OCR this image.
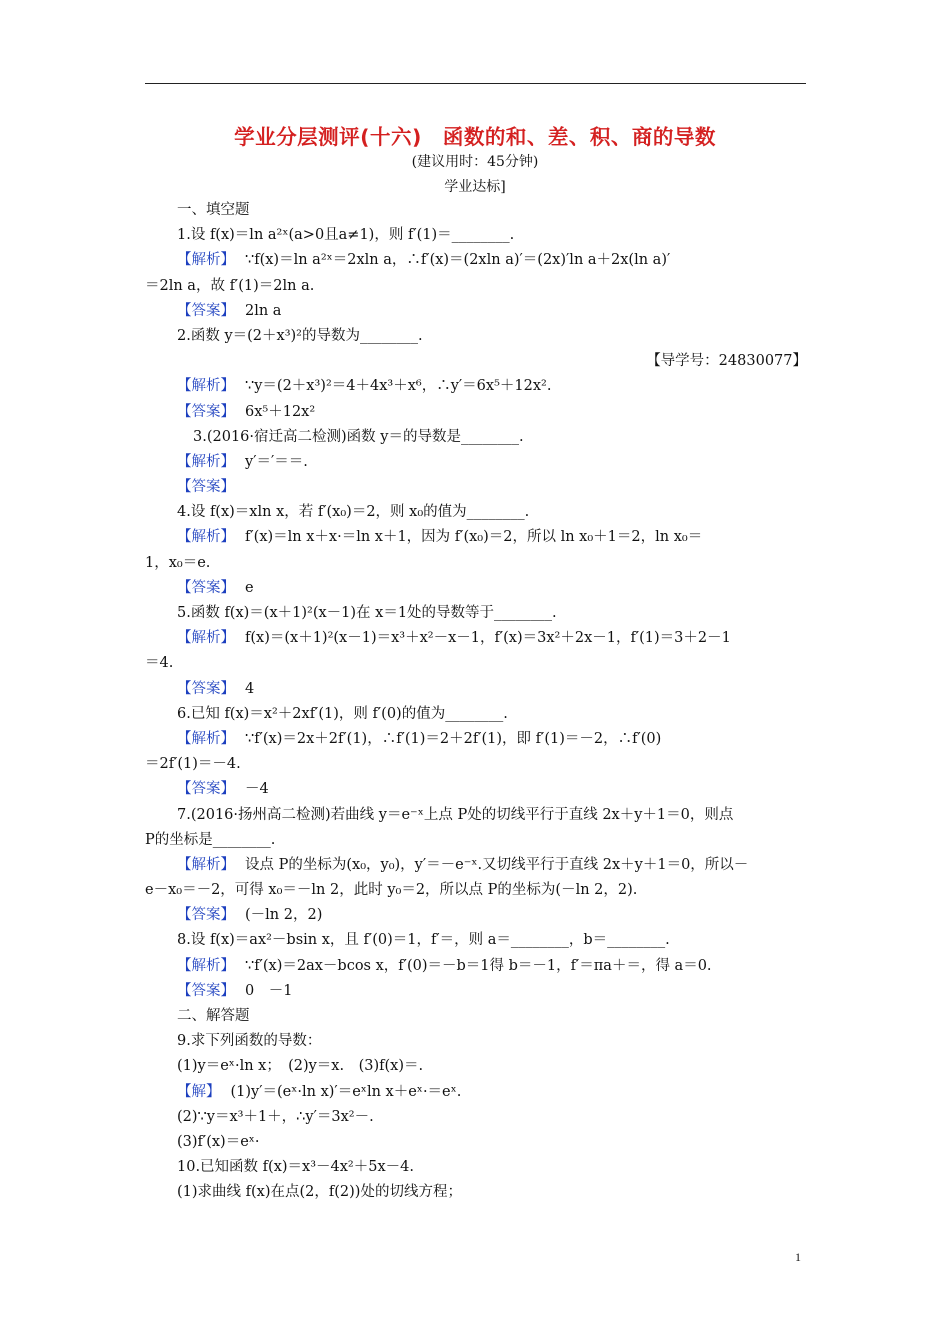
学业分层测评(十六)　函数的和、差、积、商的导数
(建议用时：45分钟)
学业达标]
一、填空题
1.设 f(x)＝ln a²ˣ(a>0且a≠1)，则 f′(1)＝________.
【解析】 ∵f(x)＝ln a²ˣ＝2xln a，∴f′(x)＝(2xln a)′＝(2x)′ln a＋2x(ln a)′
＝2ln a，故 f′(1)＝2ln a.
【答案】 2ln a
2.函数 y＝(2＋x³)²的导数为________.
【导学号：24830077】
【解析】 ∵y＝(2＋x³)²＝4＋4x³＋x⁶，∴y′＝6x⁵＋12x².
【答案】 6x⁵＋12x²
3.(2016·宿迁高二检测)函数 y＝的导数是________.
【解析】 y′＝′＝＝.
【答案】
4.设 f(x)＝xln x，若 f′(x₀)＝2，则 x₀的值为________.
【解析】 f′(x)＝ln x＋x·＝ln x＋1，因为 f′(x₀)＝2，所以 ln x₀＋1＝2，ln x₀＝
1，x₀＝e.
【答案】 e
5.函数 f(x)＝(x＋1)²(x－1)在 x＝1处的导数等于________.
【解析】 f(x)＝(x＋1)²(x－1)＝x³＋x²－x－1，f′(x)＝3x²＋2x－1，f′(1)＝3＋2－1
＝4.
【答案】 4
6.已知 f(x)＝x²＋2xf′(1)，则 f′(0)的值为________.
【解析】 ∵f′(x)＝2x＋2f′(1)，∴f′(1)＝2＋2f′(1)，即 f′(1)＝－2，∴f′(0)
＝2f′(1)＝－4.
【答案】 －4
7.(2016·扬州高二检测)若曲线 y＝e⁻ˣ上点 P处的切线平行于直线 2x＋y＋1＝0，则点
P的坐标是________.
【解析】 设点 P的坐标为(x₀，y₀)，y′＝－e⁻ˣ.又切线平行于直线 2x＋y＋1＝0，所以－
e－x₀＝－2，可得 x₀＝－ln 2，此时 y₀＝2，所以点 P的坐标为(－ln 2，2).
【答案】 (－ln 2，2)
8.设 f(x)＝ax²－bsin x，且 f′(0)＝1，f′＝，则 a＝________，b＝________.
【解析】 ∵f′(x)＝2ax－bcos x，f′(0)＝－b＝1得 b＝－1，f′＝πa＋＝，得 a＝0.
【答案】 0　－1
二、解答题
9.求下列函数的导数：
(1)y＝eˣ·ln x；　(2)y＝x.　(3)f(x)＝.
【解】 (1)y′＝(eˣ·ln x)′＝eˣln x＋eˣ·＝eˣ.
(2)∵y＝x³＋1＋，∴y′＝3x²－.
(3)f′(x)＝eˣ·
10.已知函数 f(x)＝x³－4x²＋5x－4.
(1)求曲线 f(x)在点(2，f(2))处的切线方程；
1
